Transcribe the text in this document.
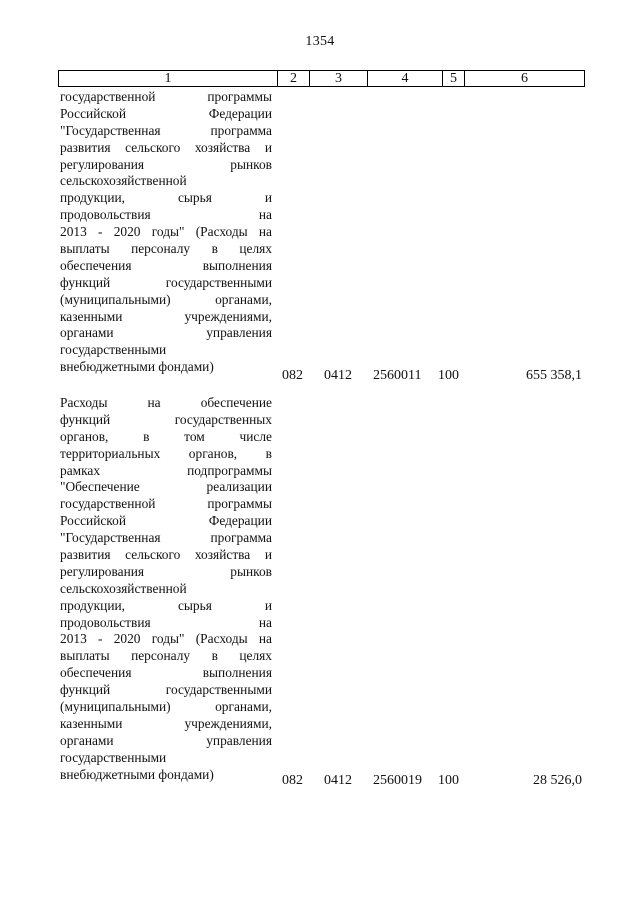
1354
1	2	3	4	5	6
государственной	программы
Российской	Федерации
"Государственная	программа
развития сельского хозяйства и
регулирования	рынков
сельскохозяйственной
продукции,	сырья	и
продовольствия	на
2013 - 2020 годы" (Расходы на
выплаты персоналу в целях
обеспечения	выполнения
функций	государственными
(муниципальными)	органами,
казенными	учреждениями,
органами	управления
государственными
внебюджетными фондами)
082 0412 2560011 100	655 358,1
Расходы	на	обеспечение
функций	государственных
органов,	в	том	числе
территориальных органов, в
рамках	подпрограммы
"Обеспечение	реализации
государственной	программы
Российской	Федерации
"Государственная	программа
развития сельского хозяйства и
регулирования	рынков
сельскохозяйственной
продукции,	сырья	и
продовольствия	на
2013 - 2020 годы" (Расходы на
выплаты персоналу в целях
обеспечения	выполнения
функций	государственными
(муниципальными)	органами,
казенными	учреждениями,
органами	управления
государственными
внебюджетными фондами)	082 0412 2560019 100	28 526,0
